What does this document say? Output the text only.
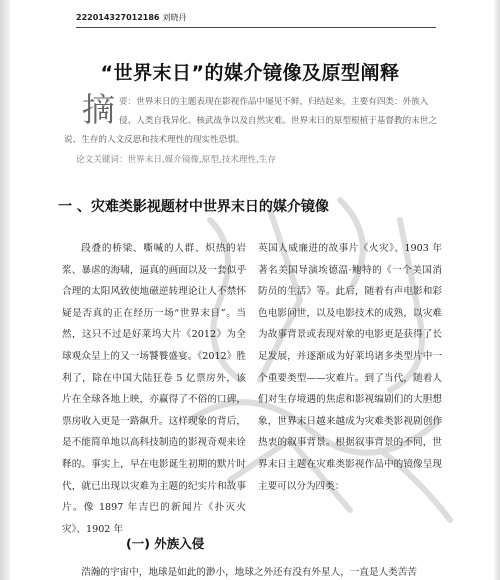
222014327012186 刘晓丹
“世界末日”的媒介镜像及原型阐释
摘要：世界末日的主题表现在影视作品中屡见不鲜，归结起来，主要有四类：外族入侵、人类自我异化、核武战争以及自然灾难。世界末日的原型根植于基督教的末世之说、生存的人文反思和技术理性的现实性恐惧。
论文关键词：世界末日,媒介镜像,原型,技术理性,生存
一 、灾难类影视题材中世界末日的媒介镜像
段叠的桥梁、嘶喊的人群、炽热的岩浆、暴虐的海啸，逼真的画面以及一套似乎合理的太阳风致使地磁逆转理论让人不禁怀疑是否真的正在经历一场“世界末日”。当然，这只不过是好莱坞大片《2012》为全球观众呈上的又一场饕餮盛宴。《2012》胜利了，除在中国大陆狂卷 5 亿票房外，该片在全球各地上映，亦赢得了不俗的口碑，票房收入更是一路飙升。这样现象的背后，是不能简单地以高科技制造的影视奇观来诠释的。事实上，早在电影诞生初期的默片时代，就已出现以灾难为主题的纪实片和故事片。像 1897 年吉巴的新闻片《扑灭火灾》、1902 年
英国人威廉进的故事片《火灾》、1903 年著名美国导演埃德温·鲍特的《一个美国消防员的生活》等。此后，随着有声电影和彩色电影问世，以及电影技术的成熟，以灾难为故事背景或表现对象的电影更是获得了长足发展，并逐渐成为好莱坞诸多类型片中一个重要类型——灾难片。到了当代，随着人们对生存境遇的焦虑和影视编剧们的大胆想象，世界末日越来越成为灾难类影视剧创作热衷的叙事背景。根据叙事背景的不同，世界末日主题在灾难类影视作品中的镜像呈现主要可以分为四类：
(一) 外族入侵
浩瀚的宇宙中，地球是如此的渺小，地球之外还有没有外星人，一直是人类苦苦
